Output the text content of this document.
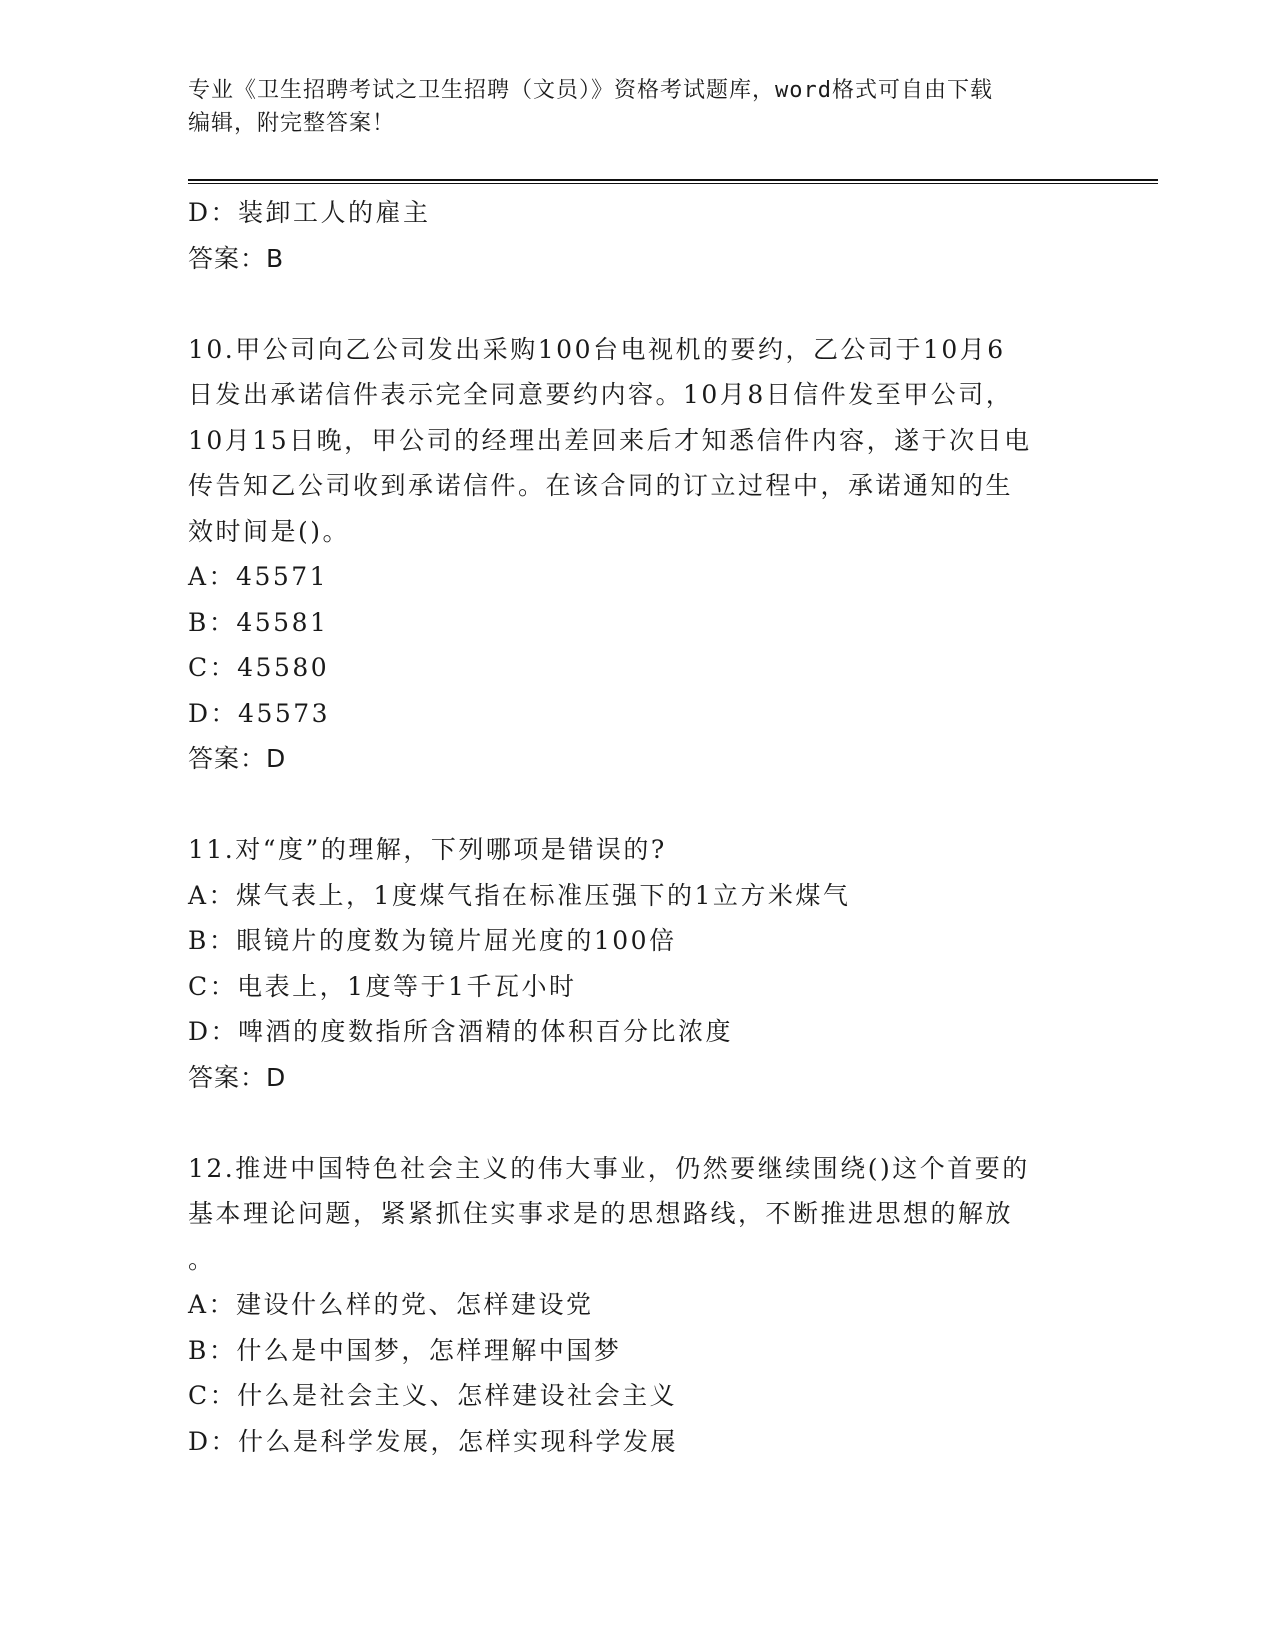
专业《卫生招聘考试之卫生招聘（文员）》资格考试题库，word格式可自由下载
编辑，附完整答案！
D：装卸工人的雇主
答案：B
10.甲公司向乙公司发出采购100台电视机的要约，乙公司于10月6
日发出承诺信件表示完全同意要约内容。10月8日信件发至甲公司，
10月15日晚，甲公司的经理出差回来后才知悉信件内容，遂于次日电
传告知乙公司收到承诺信件。在该合同的订立过程中，承诺通知的生
效时间是()。
A：45571
B：45581
C：45580
D：45573
答案：D
11.对“度”的理解，下列哪项是错误的?
A：煤气表上，1度煤气指在标准压强下的1立方米煤气
B：眼镜片的度数为镜片屈光度的100倍
C：电表上，1度等于1千瓦小时
D：啤酒的度数指所含酒精的体积百分比浓度
答案：D
12.推进中国特色社会主义的伟大事业，仍然要继续围绕()这个首要的
基本理论问题，紧紧抓住实事求是的思想路线，不断推进思想的解放
。
A：建设什么样的党、怎样建设党
B：什么是中国梦，怎样理解中国梦
C：什么是社会主义、怎样建设社会主义
D：什么是科学发展，怎样实现科学发展
